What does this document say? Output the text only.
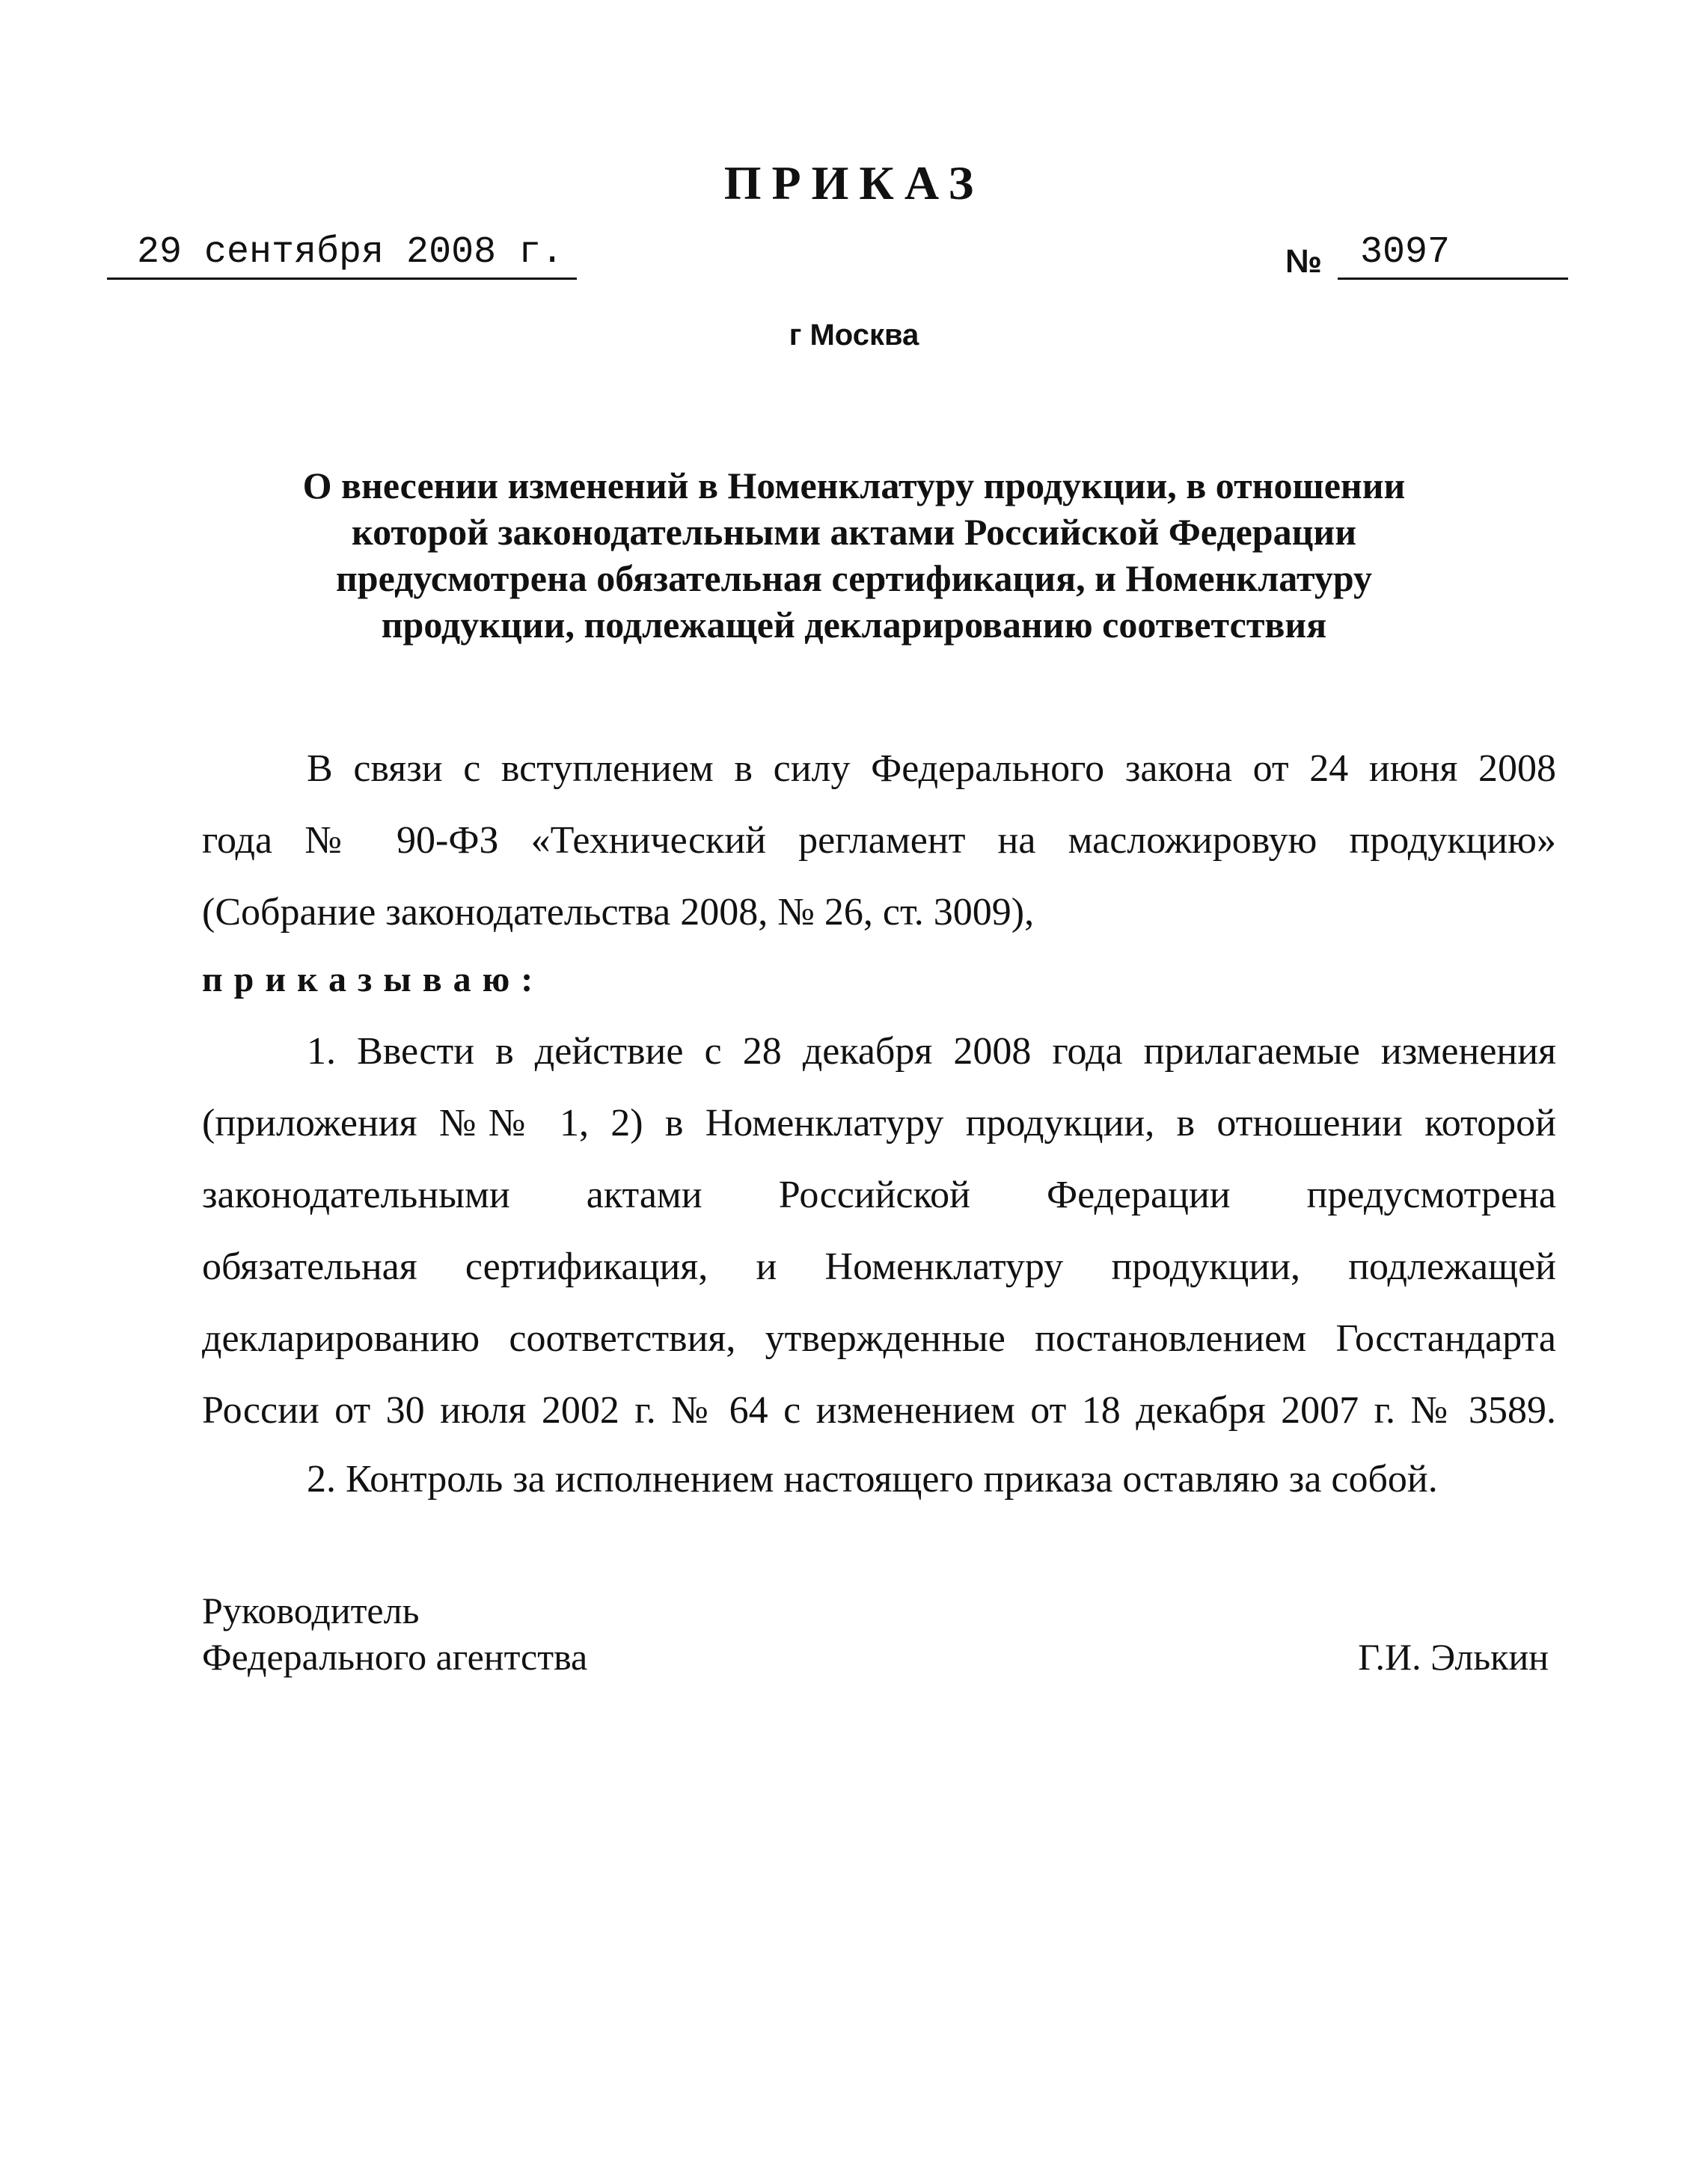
ПРИКАЗ
29 сентября 2008 г.	№	3097
г Москва
О внесении изменений в Номенклатуру продукции, в отношении
которой законодательными актами Российской Федерации
предусмотрена обязательная сертификация, и Номенклатуру
продукции, подлежащей декларированию соответствия
В связи с вступлением в силу Федерального закона от 24 июня 2008
года № 90-ФЗ «Технический регламент на масложировую продукцию»
(Собрание законодательства 2008, № 26, ст. 3009),
приказываю:
1. Ввести в действие с 28 декабря 2008 года прилагаемые изменения
(приложения №№ 1, 2) в Номенклатуру продукции, в отношении которой
законодательными актами Российской Федерации предусмотрена
обязательная сертификация, и Номенклатуру продукции, подлежащей
декларированию соответствия, утвержденные постановлением Госстандарта
России от 30 июля 2002 г. № 64 с изменением от 18 декабря 2007 г. № 3589.
2. Контроль за исполнением настоящего приказа оставляю за собой.
Руководитель
Федерального агентства	Г.И. Элькин
